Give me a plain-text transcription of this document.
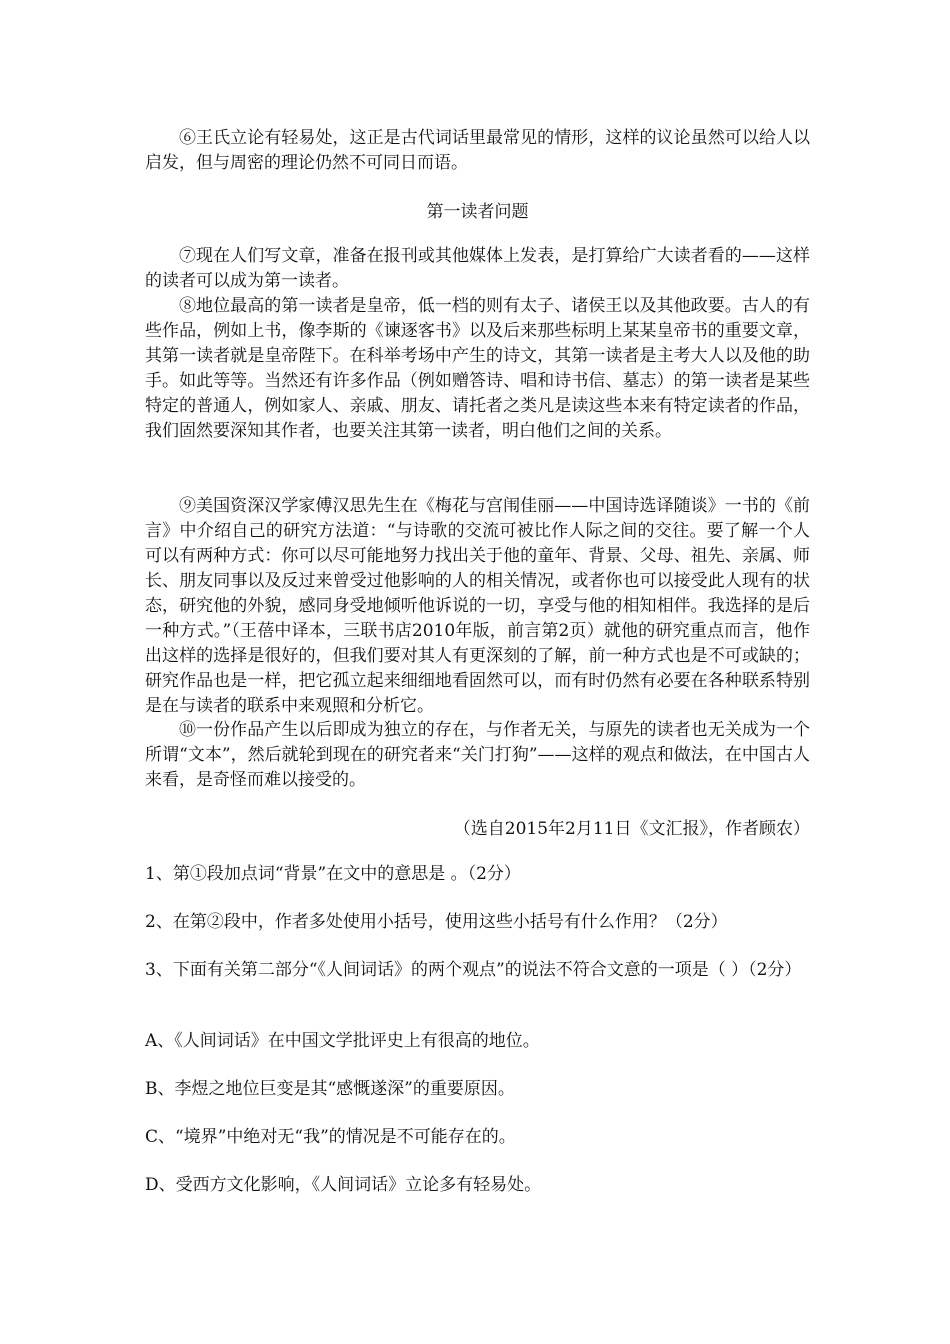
⑥王氏立论有轻易处，这正是古代词话里最常见的情形，这样的议论虽然可以给人以启发，但与周密的理论仍然不可同日而语。

第一读者问题

⑦现在人们写文章，准备在报刊或其他媒体上发表，是打算给广大读者看的——这样的读者可以成为第一读者。

⑧地位最高的第一读者是皇帝，低一档的则有太子、诸侯王以及其他政要。古人的有些作品，例如上书，像李斯的《谏逐客书》以及后来那些标明上某某皇帝书的重要文章，其第一读者就是皇帝陛下。在科举考场中产生的诗文，其第一读者是主考大人以及他的助手。如此等等。当然还有许多作品（例如赠答诗、唱和诗书信、墓志）的第一读者是某些特定的普通人，例如家人、亲戚、朋友、请托者之类凡是读这些本来有特定读者的作品，我们固然要深知其作者，也要关注其第一读者，明白他们之间的关系。

⑨美国资深汉学家傅汉思先生在《梅花与宫闱佳丽——中国诗选译随谈》一书的《前言》中介绍自己的研究方法道：“与诗歌的交流可被比作人际之间的交往。要了解一个人可以有两种方式：你可以尽可能地努力找出关于他的童年、背景、父母、祖先、亲属、师长、朋友同事以及反过来曾受过他影响的人的相关情况，或者你也可以接受此人现有的状态，研究他的外貌，感同身受地倾听他诉说的一切，享受与他的相知相伴。我选择的是后一种方式。”（王蓓中译本，三联书店2010年版，前言第2页）就他的研究重点而言，他作出这样的选择是很好的，但我们要对其人有更深刻的了解，前一种方式也是不可或缺的；研究作品也是一样，把它孤立起来细细地看固然可以，而有时仍然有必要在各种联系特别是在与读者的联系中来观照和分析它。

⑩一份作品产生以后即成为独立的存在，与作者无关，与原先的读者也无关成为一个所谓“文本”，然后就轮到现在的研究者来“关门打狗”——这样的观点和做法，在中国古人来看，是奇怪而难以接受的。

（选自2015年2月11日《文汇报》，作者顾农）

1、第①段加点词“背景”在文中的意思是 。（2分）

2、在第②段中，作者多处使用小括号，使用这些小括号有什么作用？（2分）

3、下面有关第二部分“《人间词话》的两个观点”的说法不符合文意的一项是（ ）（2分）

A、《人间词话》在中国文学批评史上有很高的地位。

B、李煜之地位巨变是其“感慨遂深”的重要原因。

C、“境界”中绝对无“我”的情况是不可能存在的。

D、受西方文化影响，《人间词话》立论多有轻易处。
